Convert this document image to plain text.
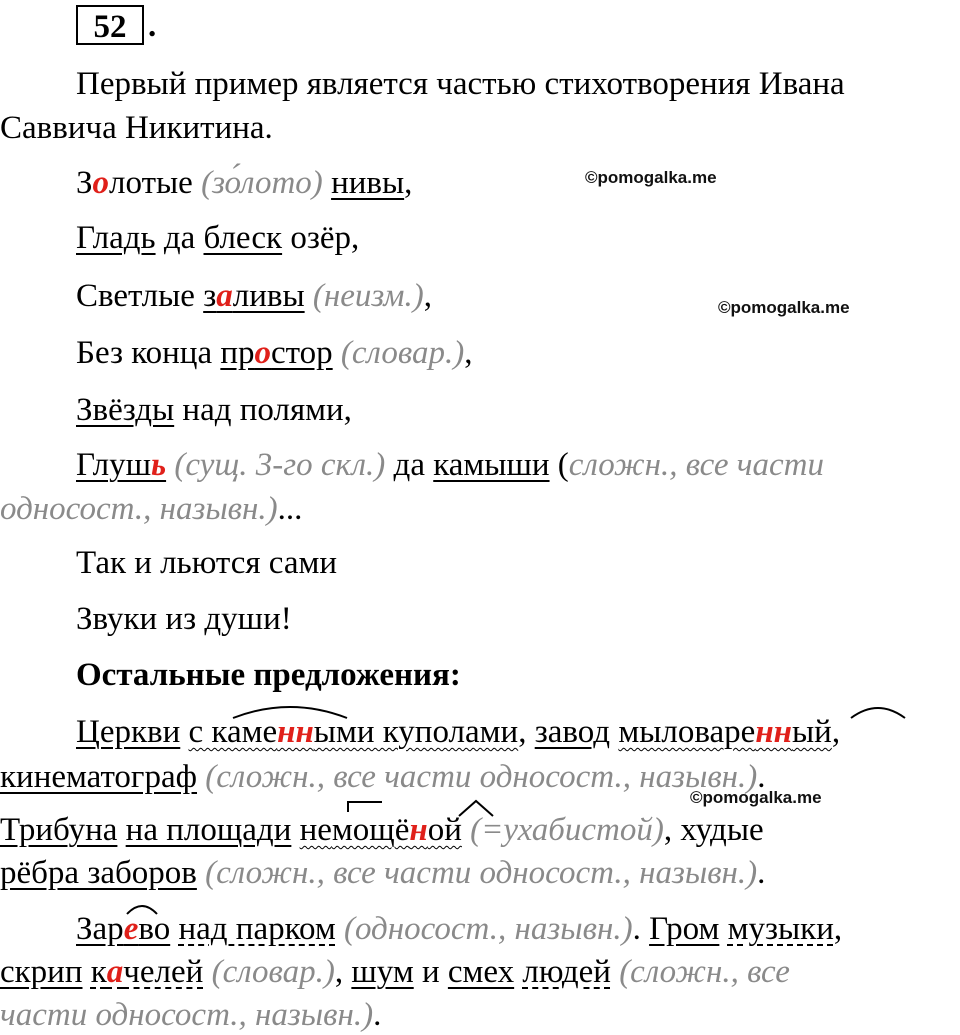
52 .
Первый пример является частью стихотворения Ивана
Саввича Никитина.
Золотые (зо́лото) нивы,	©pomogalka.me
Гладь да блеск озёр,
Светлые заливы (неизм.),	©pomogalka.me
Без конца простор (словар.),
Звёзды над полями,
Глушь (сущ. 3-го скл.) да камыши (сложн., все части
односост., назывн.)...
Так и льются сами
Звуки из души!
Остальные предложения:
Церкви с каменными куполами, завод мыловаренный,
кинематограф (сложн., все части односост., назывн.).
©pomogalka.me
Трибуна на площади немощёной (=ухабистой), худые
рёбра заборов (сложн., все части односост., назывн.).
Зарево над парком (односост., назывн.). Гром музыки,
скрип качелей (словар.), шум и смех людей (сложн., все
части односост., назывн.).
